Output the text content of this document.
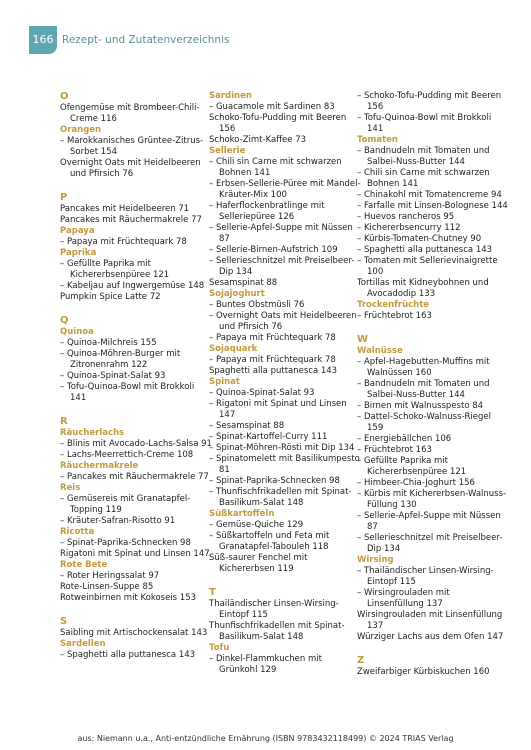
166 Rezept- und Zutatenverzeichnis
O
Ofengemüse mit Brombeer-Chili-Creme 116
Orangen
– Marokkanisches Grüntee-Zitrus-Sorbet 154
Overnight Oats mit Heidelbeeren und Pfirsich 76
P
Pancakes mit Heidelbeeren 71
Pancakes mit Räuchermakrele 77
Papaya
– Papaya mit Früchtequark 78
Paprika
– Gefüllte Paprika mit Kichererbsenpüree 121
– Kabeljau auf Ingwergemüse 148
Pumpkin Spice Latte 72
Q
Quinoa
– Quinoa-Milchreis 155
– Quinoa-Möhren-Burger mit Zitronenrahm 122
– Quinoa-Spinat-Salat 93
– Tofu-Quinoa-Bowl mit Brokkoli 141
R
Räucherlachs
– Blinis mit Avocado-Lachs-Salsa 91
– Lachs-Meerrettich-Creme 108
Räuchermakrele
– Pancakes mit Räuchermakrele 77
Reis
– Gemüsereis mit Granatapfel-Topping 119
– Kräuter-Safran-Risotto 91
Ricotta
– Spinat-Paprika-Schnecken 98
Rigatoni mit Spinat und Linsen 147
Rote Bete
– Roter Heringssalat 97
Rote-Linsen-Suppe 85
Rotweinbirnen mit Kokoseis 153
S
Saibling mit Artischockensalat 143
Sardellen
– Spaghetti alla puttanesca 143
Sardinen
– Guacamole mit Sardinen 83
Schoko-Tofu-Pudding mit Beeren 156
Schoko-Zimt-Kaffee 73
Sellerie
– Chili sin Carne mit schwarzen Bohnen 141
– Erbsen-Sellerie-Püree mit Mandel-Kräuter-Mix 100
– Haferflockenbratlinge mit Selleriepüree 126
– Sellerie-Apfel-Suppe mit Nüssen 87
– Sellerie-Birnen-Aufstrich 109
– Sellerieschnitzel mit Preiselbeer-Dip 134
Sesamspinat 88
Sojajoghurt
– Buntes Obstmüsli 76
– Overnight Oats mit Heidelbeeren und Pfirsich 76
– Papaya mit Früchtequark 78
Sojaquark
– Papaya mit Früchtequark 78
Spaghetti alla puttanesca 143
Spinat
– Quinoa-Spinat-Salat 93
– Rigatoni mit Spinat und Linsen 147
– Sesamspinat 88
– Spinat-Kartoffel-Curry 111
– Spinat-Möhren-Rösti mit Dip 134
– Spinatomelett mit Basilikumpesto 81
– Spinat-Paprika-Schnecken 98
– Thunfischfrikadellen mit Spinat-Basilikum-Salat 148
Süßkartoffeln
– Gemüse-Quiche 129
– Süßkartoffeln und Feta mit Granatapfel-Tabouleh 118
Süß-saurer Fenchel mit Kichererbsen 119
T
Thailändischer Linsen-Wirsing-Eintopf 115
Thunfischfrikadellen mit Spinat-Basilikum-Salat 148
Tofu
– Dinkel-Flammkuchen mit Grünkohl 129
– Schoko-Tofu-Pudding mit Beeren 156
– Tofu-Quinoa-Bowl mit Brokkoli 141
Tomaten
– Bandnudeln mit Tomaten und Salbei-Nuss-Butter 144
– Chili sin Carne mit schwarzen Bohnen 141
– Chinakohl mit Tomatencreme 94
– Farfalle mit Linsen-Bolognese 144
– Huevos rancheros 95
– Kichererbsencurry 112
– Kürbis-Tomaten-Chutney 90
– Spaghetti alla puttanesca 143
– Tomaten mit Sellerievinaigrette 100
Tortillas mit Kidneybohnen und Avocadodip 133
Trockenfrüchte
– Früchtebrot 163
W
Walnüsse
– Apfel-Hagebutten-Muffins mit Walnüssen 160
– Bandnudeln mit Tomaten und Salbei-Nuss-Butter 144
– Birnen mit Walnusspesto 84
– Dattel-Schoko-Walnuss-Riegel 159
– Energiebällchen 106
– Früchtebrot 163
– Gefüllte Paprika mit Kichererbsenpüree 121
– Himbeer-Chia-Joghurt 156
– Kürbis mit Kichererbsen-Walnuss-Füllung 130
– Sellerie-Apfel-Suppe mit Nüssen 87
– Sellerieschnitzel mit Preiselbeer-Dip 134
Wirsing
– Thailändischer Linsen-Wirsing-Eintopf 115
– Wirsingrouladen mit Linsenfüllung 137
Wirsingrouladen mit Linsenfüllung 137
Würziger Lachs aus dem Ofen 147
Z
Zweifarbiger Kürbiskuchen 160
aus: Niemann u.a., Anti-entzündliche Ernährung (ISBN 9783432118499) © 2024 TRIAS Verlag
